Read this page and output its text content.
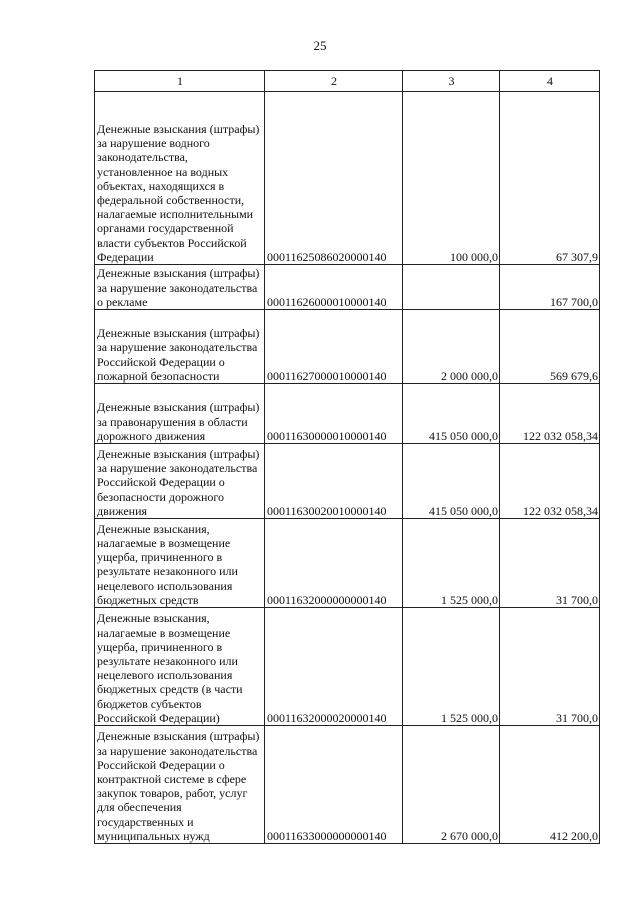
25
1	2	3	4

Денежные взыскания (штрафы) за нарушение водного законодательства, установленное на водных объектах, находящихся в федеральной собственности, налагаемые исполнительными органами государственной власти субъектов Российской Федерации	00011625086020000140	100 000,0	67 307,9

Денежные взыскания (штрафы) за нарушение законодательства о рекламе	00011626000010000140		167 700,0

Денежные взыскания (штрафы) за нарушение законодательства Российской Федерации о пожарной безопасности	00011627000010000140	2 000 000,0	569 679,6

Денежные взыскания (штрафы) за правонарушения в области дорожного движения	00011630000010000140	415 050 000,0	122 032 058,34

Денежные взыскания (штрафы) за нарушение законодательства Российской Федерации о безопасности дорожного движения	00011630020010000140	415 050 000,0	122 032 058,34

Денежные взыскания, налагаемые в возмещение ущерба, причиненного в результате незаконного или нецелевого использования бюджетных средств	00011632000000000140	1 525 000,0	31 700,0

Денежные взыскания, налагаемые в возмещение ущерба, причиненного в результате незаконного или нецелевого использования бюджетных средств (в части бюджетов субъектов Российской Федерации)	00011632000020000140	1 525 000,0	31 700,0

Денежные взыскания (штрафы) за нарушение законодательства Российской Федерации о контрактной системе в сфере закупок товаров, работ, услуг для обеспечения государственных и муниципальных нужд	00011633000000000140	2 670 000,0	412 200,0
